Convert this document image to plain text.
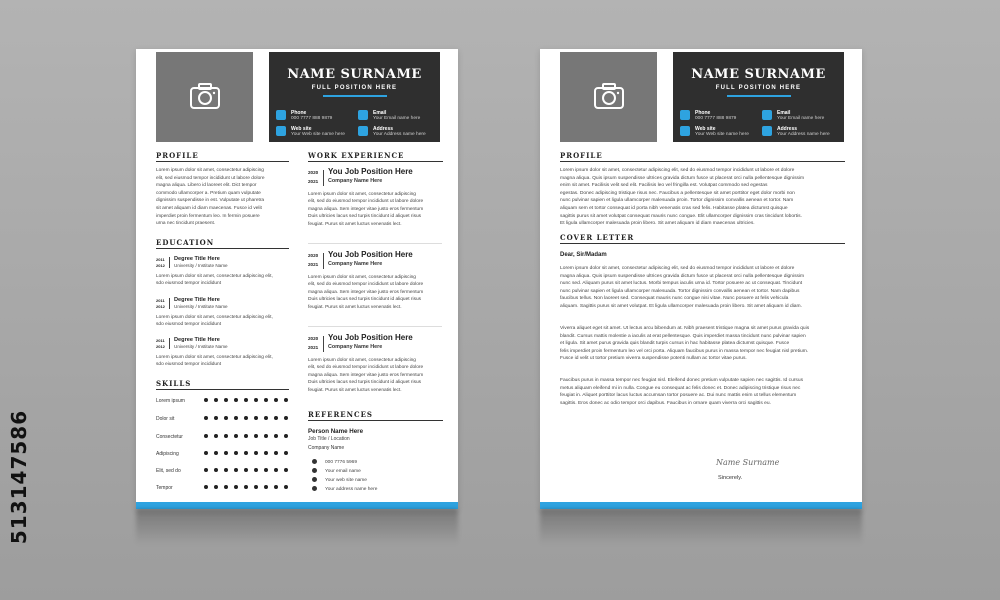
513147586
NAME SURNAME
FULL POSITION HERE
Phone
000 7777 888 9879
Email
Your Email name here
Web site
Your Web site name here
Address
Your Address name here
PROFILE
Lorem ipsum dolor sit amet, consectetur adipiscing
elit, sed eiusmod tempor incididunt ut labore dolore
magna aliqua. Libero id laoreet elit. Dict tempor
commodo ullamcorper a. Pretium quam vulputate
dignissim suspendisse in est. Vulputate ut pharetra
sit amet aliquam id diam maecenas. Fusce id velit
imperdiet proin fermentum leo. In fermin posuere
urna nec tincidunt praesent.
EDUCATION
2011
2012
Degree Title Here
University / Institute Name
Lorem ipsum dolor sit amet, consectetur adipiscing elit,
sdo eiusmod tempor incididunt
2011
2012
Degree Title Here
University / Institute Name
Lorem ipsum dolor sit amet, consectetur adipiscing elit,
sdo eiusmod tempor incididunt
2011
2012
Degree Title Here
University / Institute Name
Lorem ipsum dolor sit amet, consectetur adipiscing elit,
sdo eiusmod tempor incididunt
SKILLS
Lorem ipsum
Dolor sit
Consectetur
Adipiscing
Elit, sed do
Tempor
WORK EXPERIENCE
2020
2021
You Job Position Here
Company Name Here
Lorem ipsum dolor sit amet, consectetur adipiscing
elit, sed do eiusmod tempor incididunt ut labore dolore
magna aliqua. Sem integer vitae justo eros fermentum
Duis ultricies lacus sed turpis tincidunt id aliquet risus
feugiat. Purus sit amet luctus venenatis lect.
2020
2021
You Job Position Here
Company Name Here
Lorem ipsum dolor sit amet, consectetur adipiscing
elit, sed do eiusmod tempor incididunt ut labore dolore
magna aliqua. Sem integer vitae justo eros fermentum
Duis ultricies lacus sed turpis tincidunt id aliquet risus
feugiat. Purus sit amet luctus venenatis lect.
2020
2021
You Job Position Here
Company Name Here
Lorem ipsum dolor sit amet, consectetur adipiscing
elit, sed do eiusmod tempor incididunt ut labore dolore
magna aliqua. Sem integer vitae justo eros fermentum
Duis ultricies lacus sed turpis tincidunt id aliquet risus
feugiat. Purus sit amet luctus venenatis lect.
REFERENCES
Person Name Here
Job Title / Location
Company Name
000 7776 5969
Your email name
Your web site name
Your address name here
NAME SURNAME
FULL POSITION HERE
Phone
000 7777 888 9879
Email
Your Email name here
Web site
Your Web site name here
Address
Your Address name here
PROFILE
Lorem ipsum dolor sit amet, consectetur adipiscing elit, sed do eiusmod tempor incididunt ut labore et dolore
magna aliqua. Quis ipsum suspendisse ultrices gravida dictum fusce ut placerat orci nulla pellentesque dignissim
enim sit amet. Facilisis velit sed elit. Facilisis leo vel fringilla est. Volutpat commodo sed egestas
egestas. Donec adipiscing tristique risus nec. Faucibus a pellentesque sit amet porttitor eget dolor morbi non
nunc pulvinar sapien et ligula ullamcorper malesuada proin. Tortor dignissim convallis aenean et tortor. Nam
aliquam sem et tortor consequat id porta nibh venenatis cras sed felis. Habitasse platea dictumst quisque
sagittis purus sit amet volutpat consequat mauris nunc congue. Elit ullamcorper dignissim cras tincidunt lobortis.
Et ligula ullamcorper malesuada proin libero. Sit amet aliquam id diam maecenas ultricies.
COVER LETTER
Dear, Sir/Madam
Lorem ipsum dolor sit amet, consectetur adipiscing elit, sed do eiusmod tempor incididunt ut labore et dolore
magna aliqua. Quis ipsum suspendisse ultrices gravida dictum fusce ut placerat orci nulla pellentesque dignissim
nunc sed. Aliquam purus sit amet luctus. Morbi tempus iaculis urna id. Tortor posuere ac ut consequat. Tincidunt
nunc pulvinar sapien et ligula ullamcorper malesuada. Tortor dignissim convallis aenean et tortor. Nam dapibus
faucibus tellus. Non laoreet sed. Consequat mauris nunc congue nisi vitae. Nunc posuere at felis vehicula
aliquam. Sagittis purus sit amet volutpat. Et ligula ullamcorper malesuada proin libero. Sit amet aliquam id diam.
Viverra aliquet eget sit amet. Ut lectus arcu bibendum at. Nibh praesent tristique magna sit amet purus gravida quis
blandit. Cursus mattis molestie a iaculis at erat pellentesque. Quis imperdiet massa tincidunt nunc pulvinar sapien
et ligula. Sit amet purus gravida quis blandit turpis cursus in hac habitasse platea dictumst quisque. Fusce
felis imperdiet proin fermentum leo vel orci porta. Aliquam faucibus purus in massa tempor nec feugiat nisl pretium.
Fusce id velit ut tortor pretium viverra suspendisse potenti nullam ac tortor vitae purus.
Faucibus purus in massa tempor nec feugiat nisl. Eleifend donec pretium vulputate sapien nec sagittis. Id cursus
metus aliquam eleifend mi in nulla. Congue eu consequat ac felis donec et. Donec adipiscing tristique risus nec
feugiat in. Aliquet porttitor lacus luctus accumsan tortor posuere ac. Dui nunc mattis enim ut tellus elementum
sagittis. Eros donec ac odio tempor orci dapibus. Faucibus in ornare quam viverra orci sagittis eu.
Name Surname
Sincerely.
